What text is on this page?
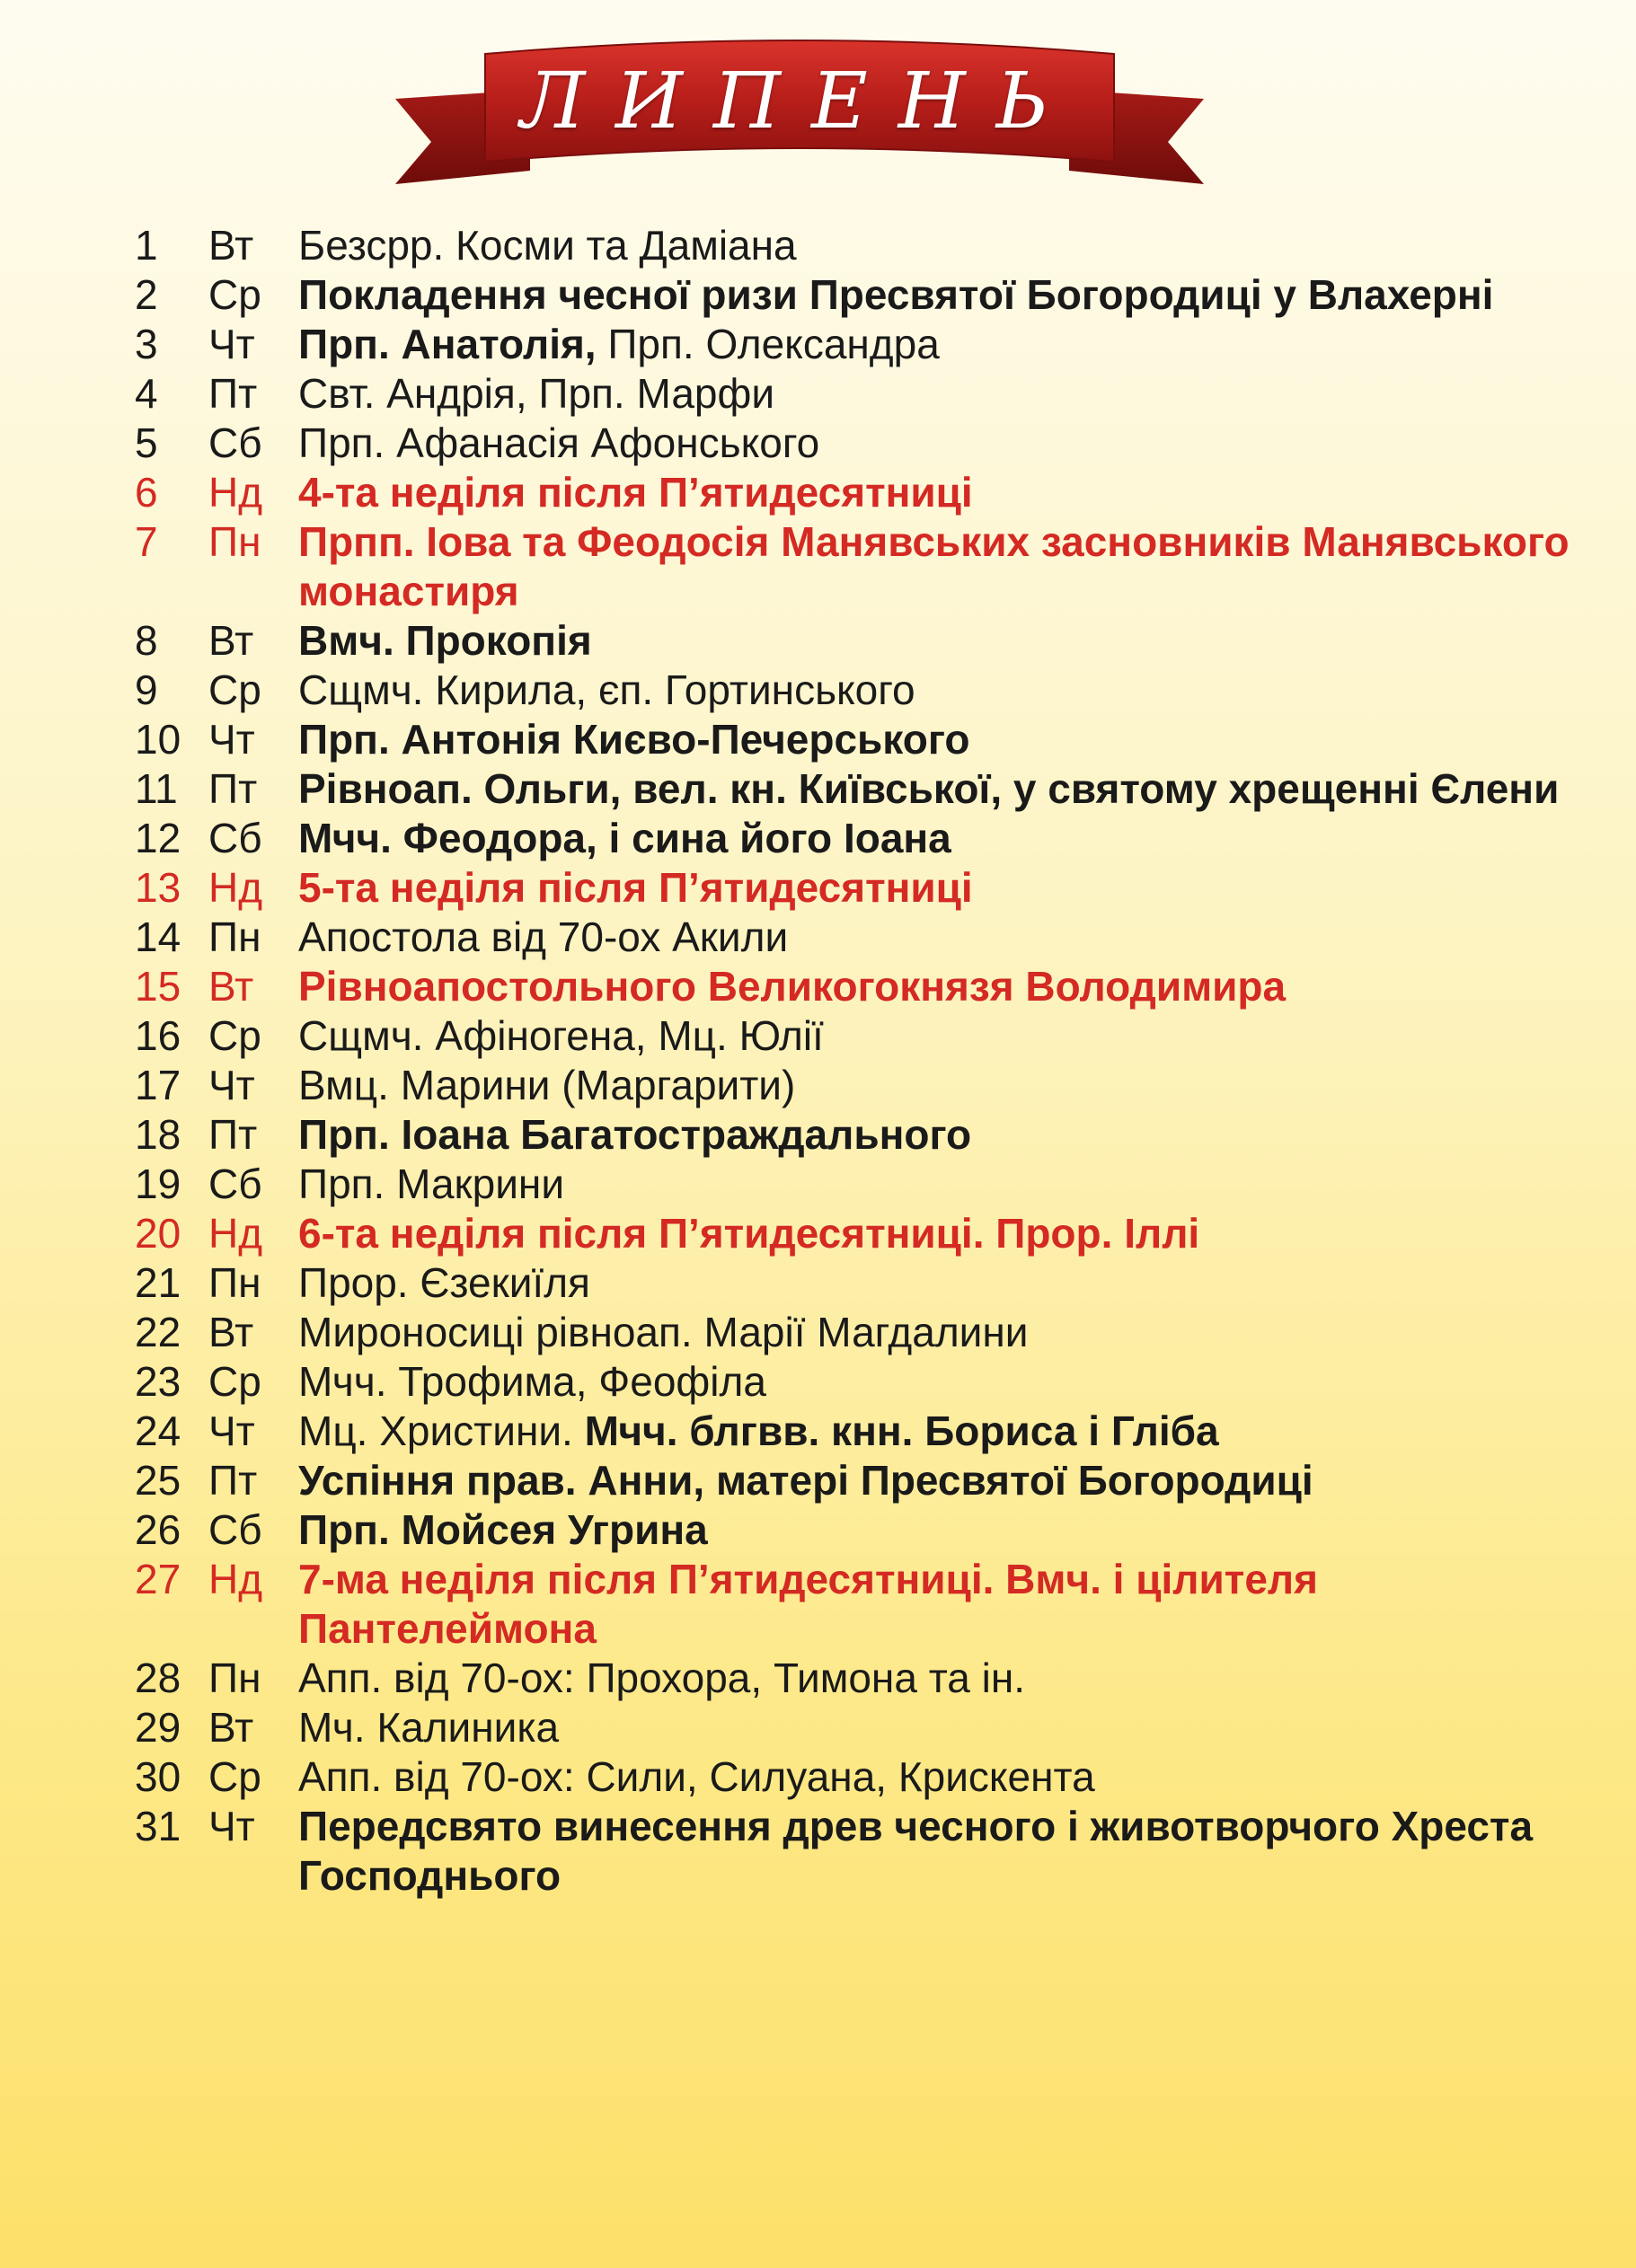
ЛИПЕНЬ
1	Вт	Безсрр. Косми та Даміана
2	Ср Покладення чесної ризи Пресвятої Богородиці у Влахерні
3	Чт	Прп. Анатолія, Прп. Олександра
4	Пт Свт. Андрія, Прп. Марфи
5	Сб Прп. Афанасія Афонського
6	Нд 4-та неділя після П’ятидесятниці
7	Пн Прпп. Іова та Феодосія Манявських засновників Манявського монастиря
8	Вт	Вмч. Прокопія
9	Ср Сщмч. Кирила, єп. Гортинського
10 Чт	Прп. Антонія Києво-Печерського
11 Пт Рівноап. Ольги, вел. кн. Київської, у святому хрещенні Єлени
12 Сб Мчч. Феодора, і сина його Іоана
13 Нд 5-та неділя після П’ятидесятниці
14 Пн Апостола від 70-ох Акили
15 Вт	Рівноапостольного Великогокнязя Володимира
16 Ср Сщмч. Афіногена, Мц. Юлії
17 Чт	Вмц. Марини (Маргарити)
18 Пт Прп. Іоана Багатостраждального
19 Сб Прп. Макрини
20 Нд 6-та неділя після П’ятидесятниці. Прор. Іллі
21 Пн Прор. Єзекиїля
22 Вт	Мироносиці рівноап. Марії Магдалини
23 Ср Мчч. Трофима, Феофіла
24 Чт	Мц. Христини. Мчч. блгвв. кнн. Бориса і Гліба
25 Пт Успіння прав. Анни, матері Пресвятої Богородиці
26 Сб Прп. Мойсея Угрина
27 Нд 7-ма неділя після П’ятидесятниці. Вмч. і цілителя Пантелеймона
28 Пн Апп. від 70-ох: Прохора, Тимона та ін.
29 Вт	Мч. Калиника
30 Ср Апп. від 70-ох: Сили, Силуана, Крискента
31 Чт	Передсвято винесення древ чесного і животворчого Хреста Господнього
